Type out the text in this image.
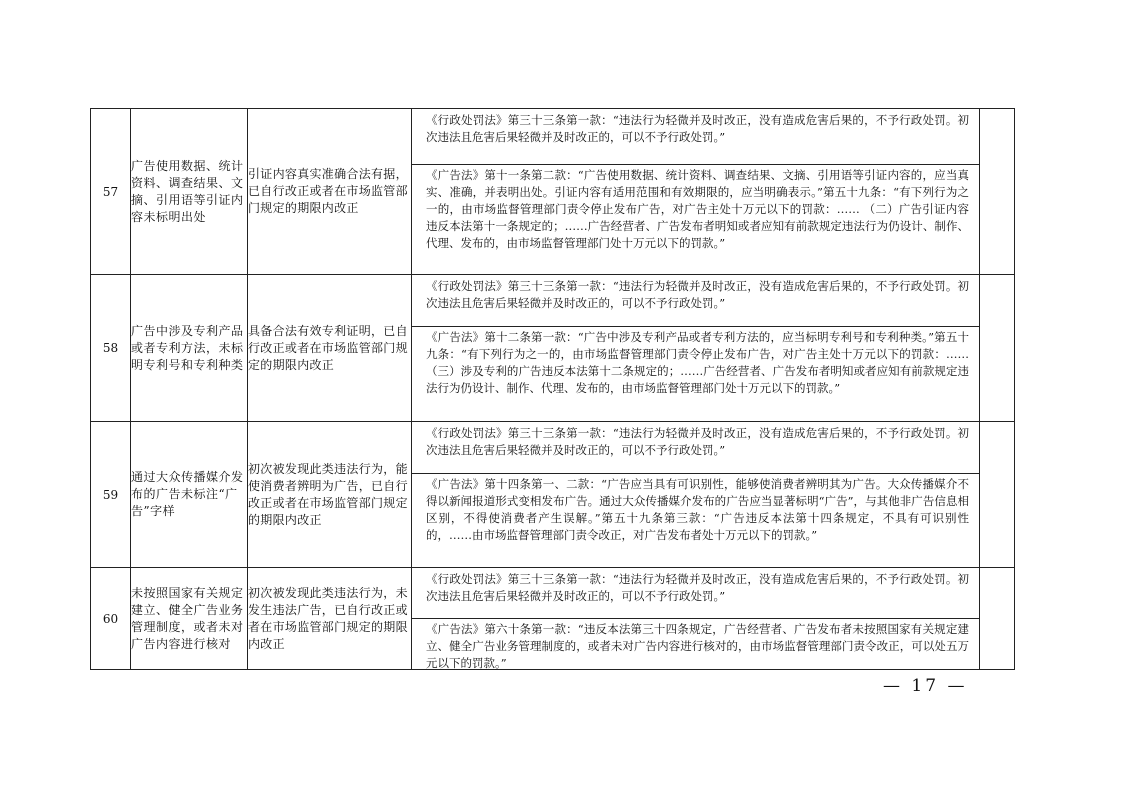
57	广告使用数据、统计资料、调查结果、文摘、引用语等引证内容未标明出处	引证内容真实准确合法有据，已自行改正或者在市场监管部门规定的期限内改正	《行政处罚法》第三十三条第一款：“违法行为轻微并及时改正，没有造成危害后果的，不予行政处罚。初次违法且危害后果轻微并及时改正的，可以不予行政处罚。”
《广告法》第十一条第二款：“广告使用数据、统计资料、调查结果、文摘、引用语等引证内容的，应当真实、准确，并表明出处。引证内容有适用范围和有效期限的，应当明确表示。”第五十九条：“有下列行为之一的，由市场监督管理部门责令停止发布广告，对广告主处十万元以下的罚款：…… （二）广告引证内容违反本法第十一条规定的；……广告经营者、广告发布者明知或者应知有前款规定违法行为仍设计、制作、代理、发布的，由市场监督管理部门处十万元以下的罚款。”	

58	广告中涉及专利产品或者专利方法，未标明专利号和专利种类	具备合法有效专利证明，已自行改正或者在市场监管部门规定的期限内改正	《行政处罚法》第三十三条第一款：“违法行为轻微并及时改正，没有造成危害后果的，不予行政处罚。初次违法且危害后果轻微并及时改正的，可以不予行政处罚。”
《广告法》第十二条第一款：“广告中涉及专利产品或者专利方法的，应当标明专利号和专利种类。”第五十九条：“有下列行为之一的，由市场监督管理部门责令停止发布广告，对广告主处十万元以下的罚款：…… （三）涉及专利的广告违反本法第十二条规定的；……广告经营者、广告发布者明知或者应知有前款规定违法行为仍设计、制作、代理、发布的，由市场监督管理部门处十万元以下的罚款。”	

59	通过大众传播媒介发布的广告未标注“广告”字样	初次被发现此类违法行为，能使消费者辨明为广告，已自行改正或者在市场监管部门规定的期限内改正	《行政处罚法》第三十三条第一款：“违法行为轻微并及时改正，没有造成危害后果的，不予行政处罚。初次违法且危害后果轻微并及时改正的，可以不予行政处罚。”
《广告法》第十四条第一、二款：“广告应当具有可识别性，能够使消费者辨明其为广告。大众传播媒介不得以新闻报道形式变相发布广告。通过大众传播媒介发布的广告应当显著标明“广告”，与其他非广告信息相区别，不得使消费者产生误解。”第五十九条第三款：“广告违反本法第十四条规定，不具有可识别性的，……由市场监督管理部门责令改正，对广告发布者处十万元以下的罚款。”	

60	未按照国家有关规定建立、健全广告业务管理制度，或者未对广告内容进行核对	初次被发现此类违法行为，未发生违法广告，已自行改正或者在市场监管部门规定的期限内改正	《行政处罚法》第三十三条第一款：“违法行为轻微并及时改正，没有造成危害后果的，不予行政处罚。初次违法且危害后果轻微并及时改正的，可以不予行政处罚。”
《广告法》第六十条第一款：“违反本法第三十四条规定，广告经营者、广告发布者未按照国家有关规定建立、健全广告业务管理制度的，或者未对广告内容进行核对的，由市场监督管理部门责令改正，可以处五万元以下的罚款。”	

— 17 —
